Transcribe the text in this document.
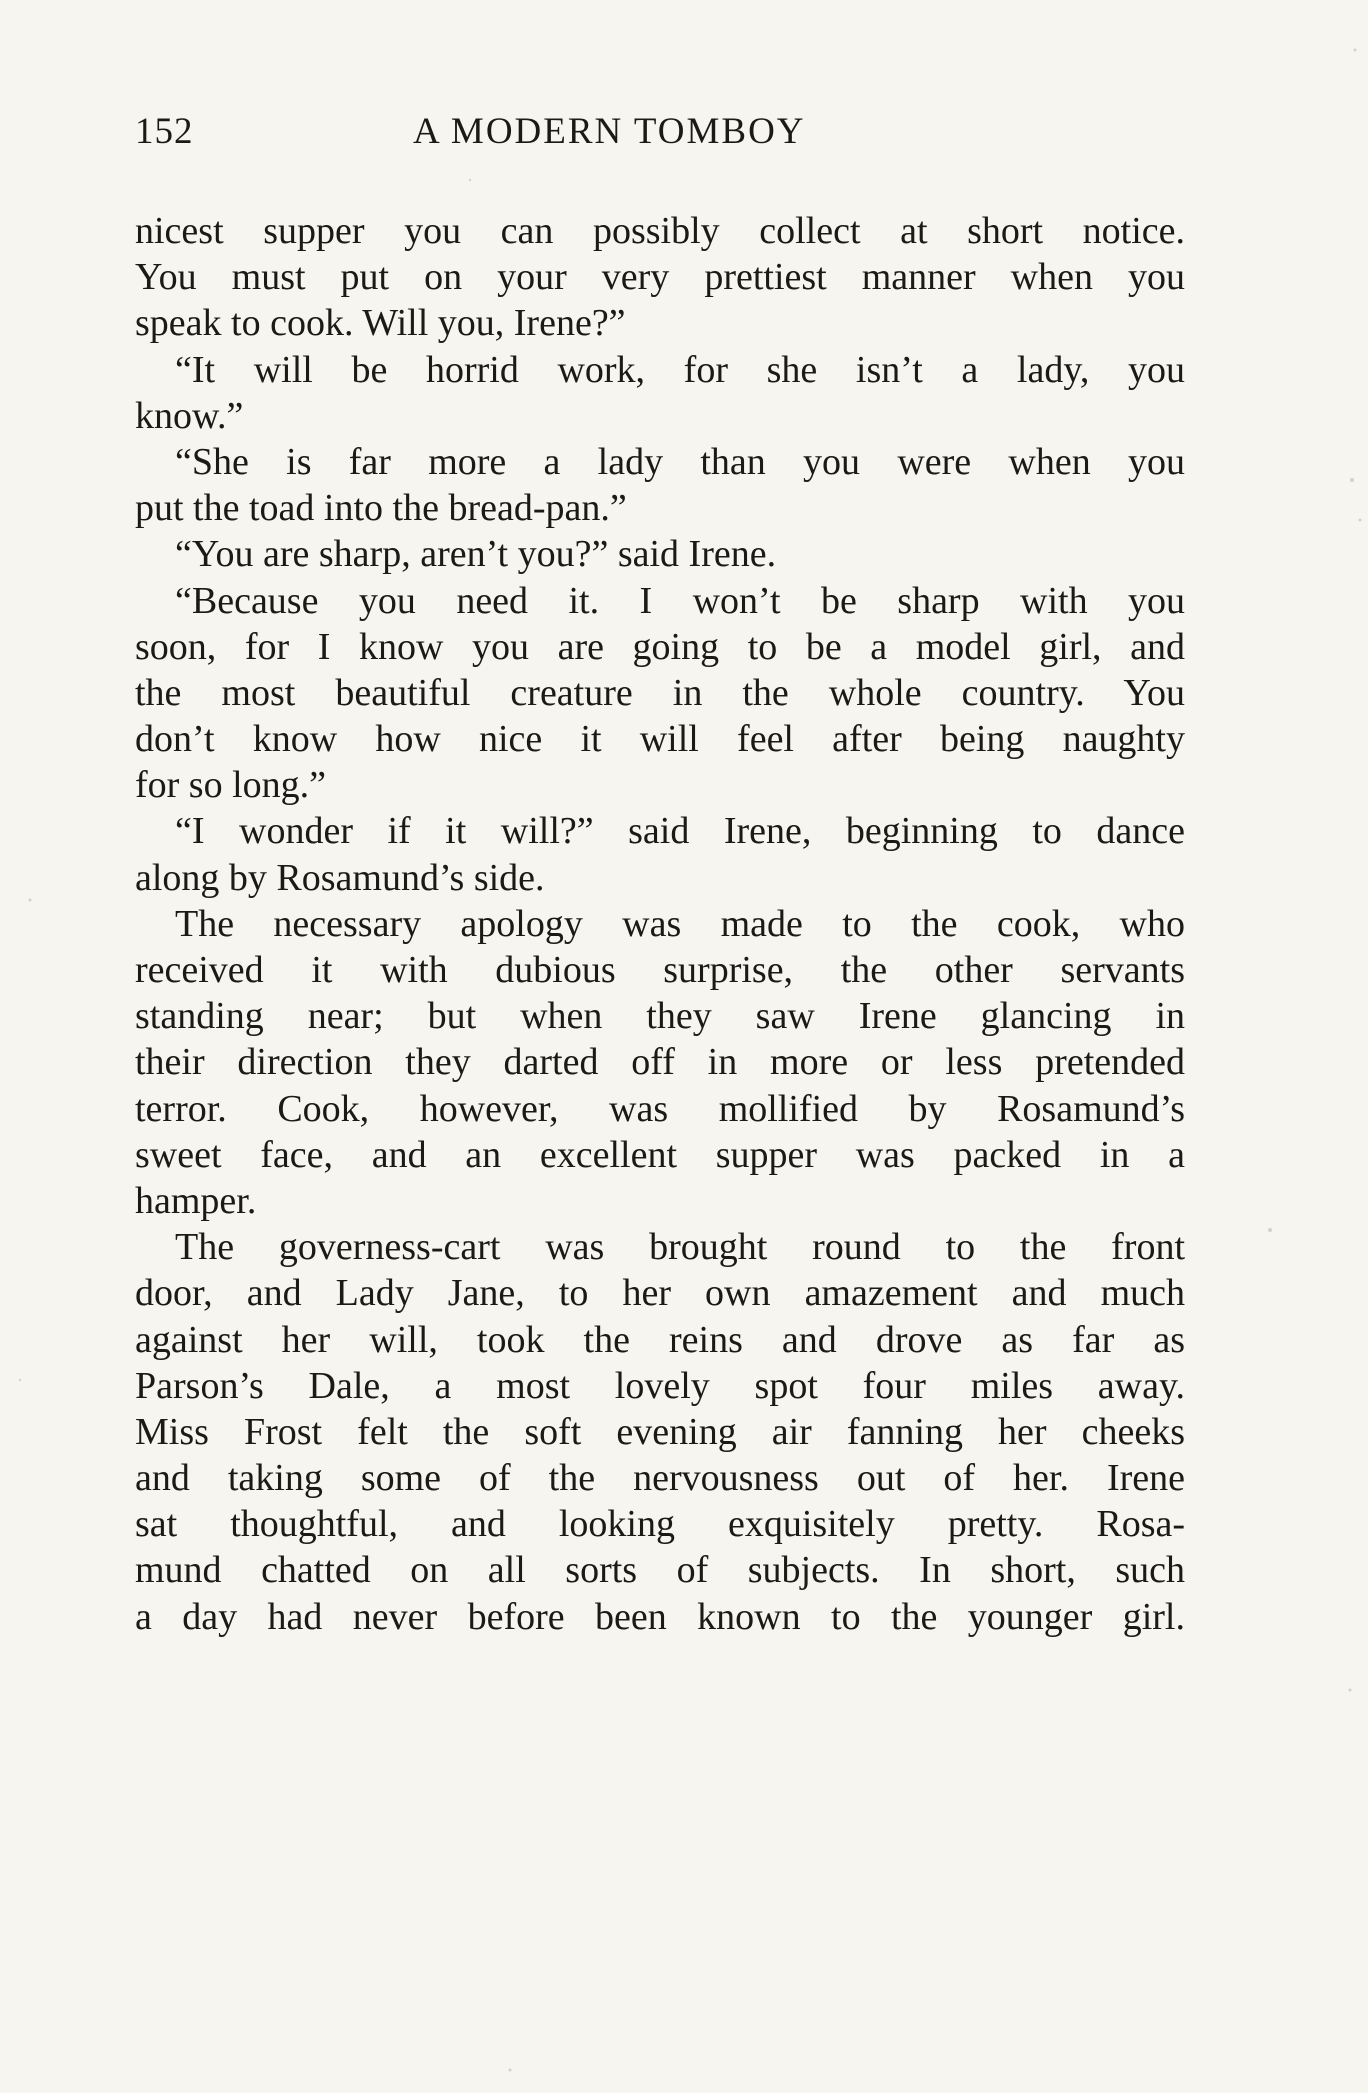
152	A MODERN TOMBOY
nicest supper you can possibly collect at short notice.
You must put on your very prettiest manner when you
speak to cook. Will you, Irene?”
“It will be horrid work, for she isn’t a lady, you
know.”
“She is far more a lady than you were when you
put the toad into the bread-pan.”
“You are sharp, aren’t you?” said Irene.
“Because you need it. I won’t be sharp with you
soon, for I know you are going to be a model girl, and
the most beautiful creature in the whole country. You
don’t know how nice it will feel after being naughty
for so long.”
“I wonder if it will?” said Irene, beginning to dance
along by Rosamund’s side.
The necessary apology was made to the cook, who
received it with dubious surprise, the other servants
standing near; but when they saw Irene glancing in
their direction they darted off in more or less pretended
terror. Cook, however, was mollified by Rosamund’s
sweet face, and an excellent supper was packed in a
hamper.
The governess-cart was brought round to the front
door, and Lady Jane, to her own amazement and much
against her will, took the reins and drove as far as
Parson’s Dale, a most lovely spot four miles away.
Miss Frost felt the soft evening air fanning her cheeks
and taking some of the nervousness out of her. Irene
sat thoughtful, and looking exquisitely pretty. Rosa-
mund chatted on all sorts of subjects. In short, such
a day had never before been known to the younger girl.
